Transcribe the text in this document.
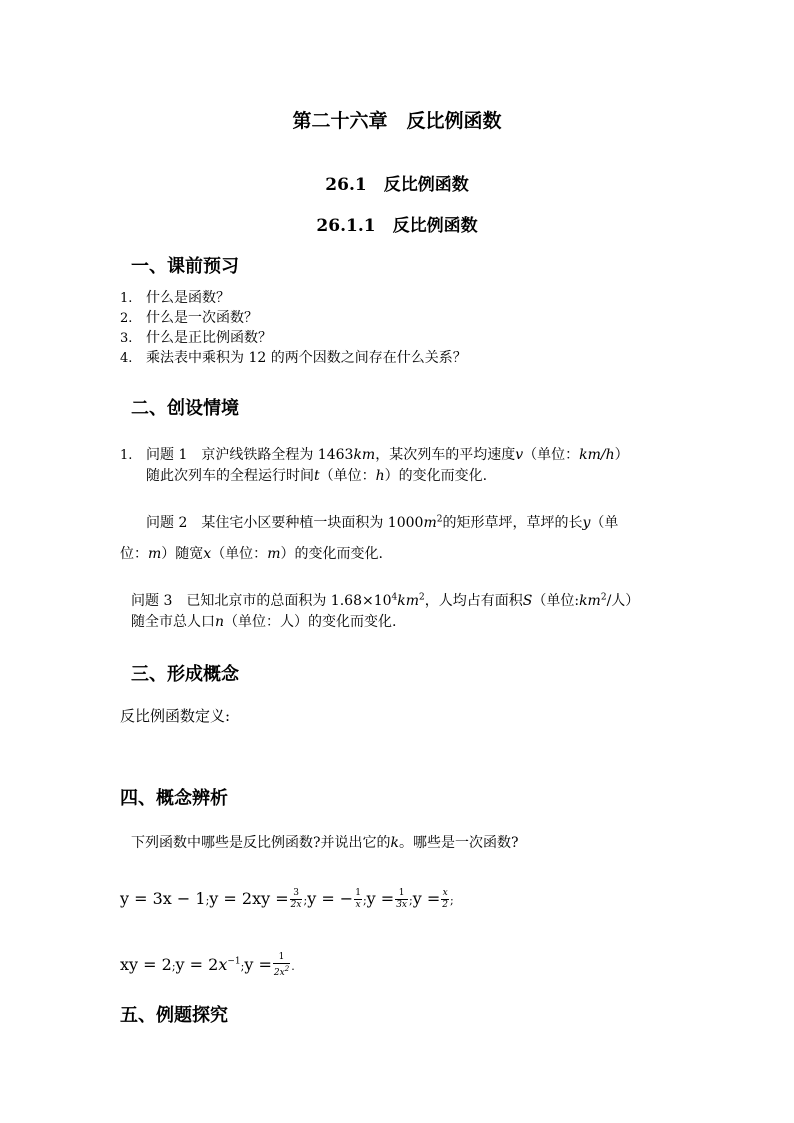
第二十六章　反比例函数
26.1　反比例函数
26.1.1　反比例函数
一、课前预习
1. 什么是函数？
2. 什么是一次函数？
3. 什么是正比例函数？
4. 乘法表中乘积为 12 的两个因数之间存在什么关系？
二、创设情境
1. 问题 1　京沪线铁路全程为 1463km，某次列车的平均速度v（单位：km/h）
随此次列车的全程运行时间t（单位：h）的变化而变化.
问题 2　某住宅小区要种植一块面积为 $1000m^2$的矩形草坪，草坪的长y（单
位：m）随宽x（单位：m）的变化而变化.
问题 3　已知北京市的总面积为 $1.68\times 10^4km^2$，人均占有面积S（单位$:km^2/$人）
随全市总人口n（单位：人）的变化而变化.
三、形成概念
反比例函数定义:
四、概念辨析
下列函数中哪些是反比例函数?并说出它的k。哪些是一次函数?
y = 3x − 1;y = $2xy = \frac{3}{2x}$ ;y = − $\frac{1}{x}$ ;y = $\frac{1}{3x}$ ;y = $\frac{x}{2}$ ;
xy = 2;y = $2x^{-1};y = \frac{1}{2x^2}$ .
五、例题探究
